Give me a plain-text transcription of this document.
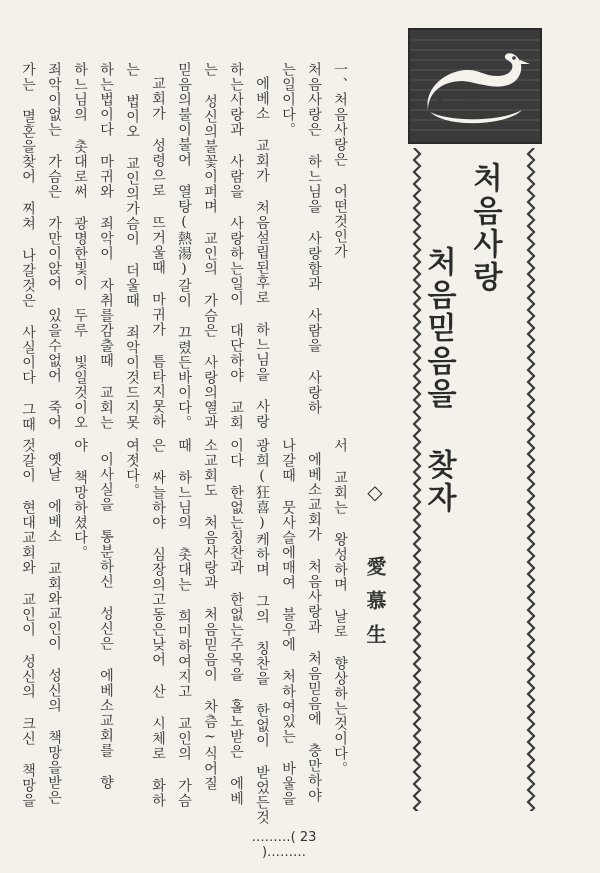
一、처음사랑은 어떤것인가
처음사랑은 하느님을 사랑함과 사람을 사랑하
는일이다。
에베소 교회가 처음설립된후로 하느님을 사랑
하는사랑과 사람을 사랑하는일이 대단하야 교회
는 성신의불꽃이퍼며 교인의 가슴은 사랑의열과
믿음의불이불어 열탕(熱湯)갈이 끄렸든바이다。
교회가 성령으로 뜨거울때 마귀가 틈타지못하
는 법이오 교인의가슴이 더울때 죄악이것드지못
하는법이다 마귀와 죄악이 자취를감출때 교회는
하느님의 촛대로써 광명한빛이 두루 빛일것이오
죄악이없는 가슴은 가만이앉어 있을수없어 죽어
가는 멸혼을찾어 찌쳐 나갈것은 사실이다 그때
서 교회는 왕성하며 날로 향상하는것이다。
에베소교회가 처음사랑과 처음믿음에 충만하야
나갈때 뭇사슬에매여 불우에 처하여있는 바울을
광희(狂喜)케하며 그의 칭찬을 한없이 받었든것
이다 한없는칭찬과 한없는주목을 홀노받은 에베
소교회도 처음사랑과 처음믿음이 차츰~식어질
때 하느님의 촛대는 희미하여지고 교인의 가슴
은 싸늘하야 심장의고동은낮어 산 시체로 화하
여젓다。
이사실을 통분하신 성신은 에베소교회를 향
야 책망하셨다。
옛날 에베소 교회와교인이 성신의 책망을받은
것갈이 현대교회와 교인이 성신의 크신 책망을
처음사랑
처음믿음을 찾자
◇ 愛慕生
………( 23 )………
